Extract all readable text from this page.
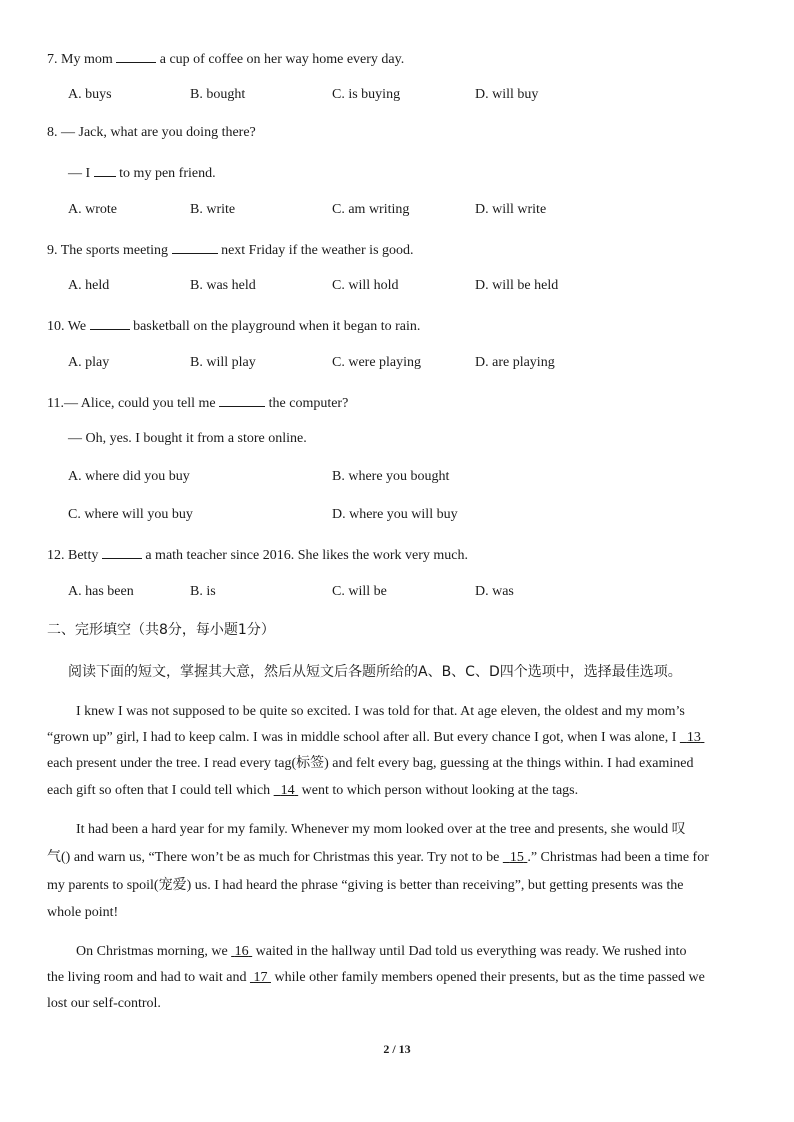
7. My mom	a cup of coffee on her way home every day.
A. buys	B. bought	C. is buying	D. will buy
8. — Jack, what are you doing there?
— I  to my pen friend.
A. wrote	B. write	C. am writing	D. will write
9. The sports meeting	next Friday if the weather is good.
A. held	B. was held	C. will hold	D. will be held
10. We	basketball on the playground when it began to rain.
A. play	B. will play	C. were playing	D. are playing
11.— Alice, could you tell me	the computer?
— Oh, yes. I bought it from a store online.
A. where did you buy	B. where you bought
C. where will you buy	D. where you will buy
12. Betty	a math teacher since 2016. She likes the work very much.
A. has been	B. is	C. will be	D. was
二、完形填空（共8分，每小题1分）
阅读下面的短文，掌握其大意，然后从短文后各题所给的A、B、C、D四个选项中，选择最佳选项。
I knew I was not supposed to be quite so excited. I was told for that. At age eleven, the oldest and my mom’s
“grown up” girl, I had to keep calm. I was in middle school after all. But every chance I got, when I was alone, I   13
each present under the tree. I read every tag(标签) and felt every bag, guessing at the things within. I had examined
each gift so often that I could tell which   14  went to which person without looking at the tags.
It had been a hard year for my family. Whenever my mom looked over at the tree and presents, she would 叹
气() and warn us, “There won’t be as much for Christmas this year. Try not to be   15 .” Christmas had been a time for
my parents to spoil(宠爱) us. I had heard the phrase “giving is better than receiving”, but getting presents was the
whole point!
On Christmas morning, we  16  waited in the hallway until Dad told us everything was ready. We rushed into
the living room and had to wait and  17  while other family members opened their presents, but as the time passed we
lost our self-control.
2 / 13
